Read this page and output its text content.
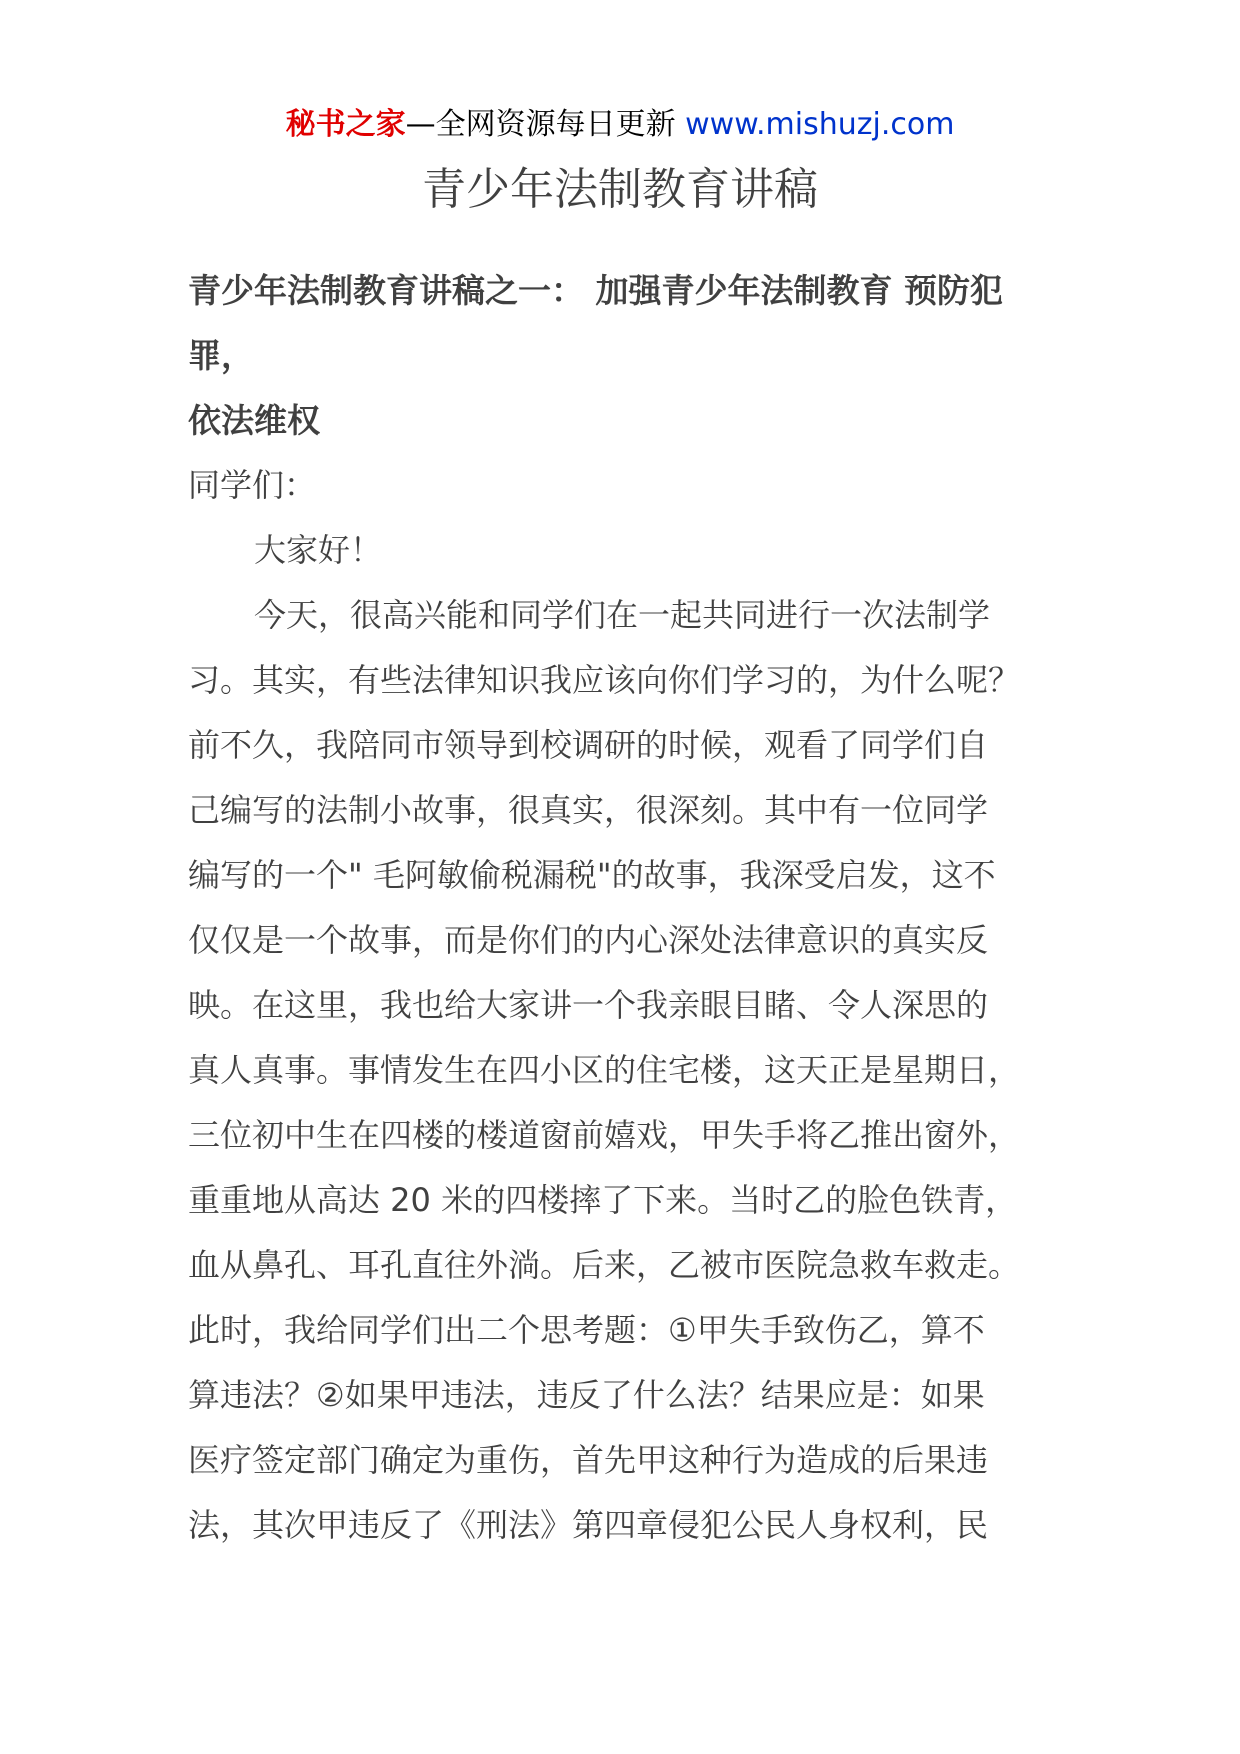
秘书之家—全网资源每日更新 www.mishuzj.com
青少年法制教育讲稿
青少年法制教育讲稿之一： 加强青少年法制教育 预防犯罪，
依法维权
同学们：
大家好！
今天，很高兴能和同学们在一起共同进行一次法制学
习。其实，有些法律知识我应该向你们学习的，为什么呢？
前不久，我陪同市领导到校调研的时候，观看了同学们自
己编写的法制小故事，很真实，很深刻。其中有一位同学
编写的一个" 毛阿敏偷税漏税"的故事，我深受启发，这不
仅仅是一个故事，而是你们的内心深处法律意识的真实反
映。在这里，我也给大家讲一个我亲眼目睹、令人深思的
真人真事。事情发生在四小区的住宅楼，这天正是星期日，
三位初中生在四楼的楼道窗前嬉戏，甲失手将乙推出窗外，
重重地从高达 20 米的四楼摔了下来。当时乙的脸色铁青，
血从鼻孔、耳孔直往外淌。后来，乙被市医院急救车救走。
此时，我给同学们出二个思考题：①甲失手致伤乙，算不
算违法？②如果甲违法，违反了什么法？结果应是：如果
医疗签定部门确定为重伤，首先甲这种行为造成的后果违
法，其次甲违反了《刑法》第四章侵犯公民人身权利，民
